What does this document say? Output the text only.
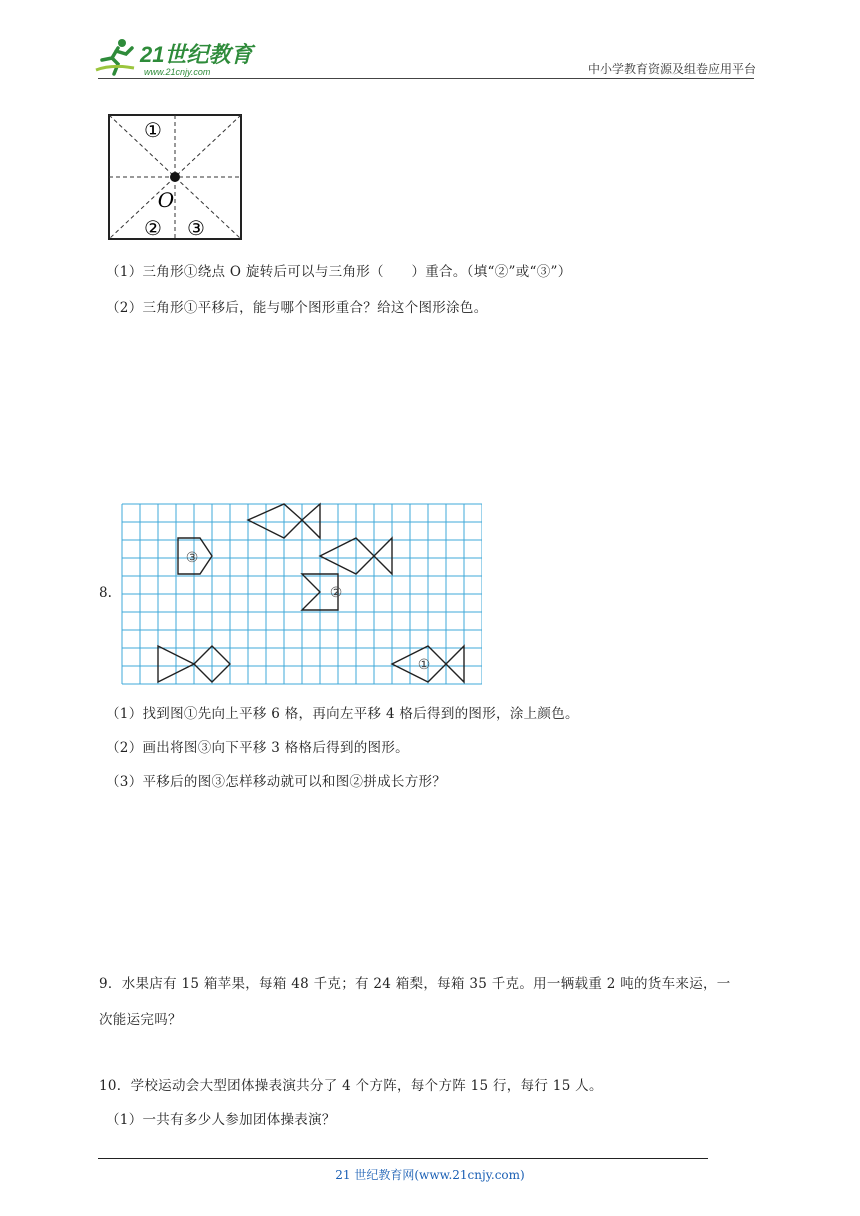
21世纪教育
www.21cnjy.com	中小学教育资源及组卷应用平台
①
O
② ③
（1）三角形①绕点 O 旋转后可以与三角形（　　）重合。（填“②”或“③”）
（2）三角形①平移后，能与哪个图形重合？给这个图形涂色。
8.
③
②
①
（1）找到图①先向上平移 6 格，再向左平移 4 格后得到的图形，涂上颜色。
（2）画出将图③向下平移 3 格格后得到的图形。
（3）平移后的图③怎样移动就可以和图②拼成长方形？
9．水果店有 15 箱苹果，每箱 48 千克；有 24 箱梨，每箱 35 千克。用一辆载重 2 吨的货车来运，一
次能运完吗？
10．学校运动会大型团体操表演共分了 4 个方阵，每个方阵 15 行，每行 15 人。
（1）一共有多少人参加团体操表演？
21 世纪教育网(www.21cnjy.com)
